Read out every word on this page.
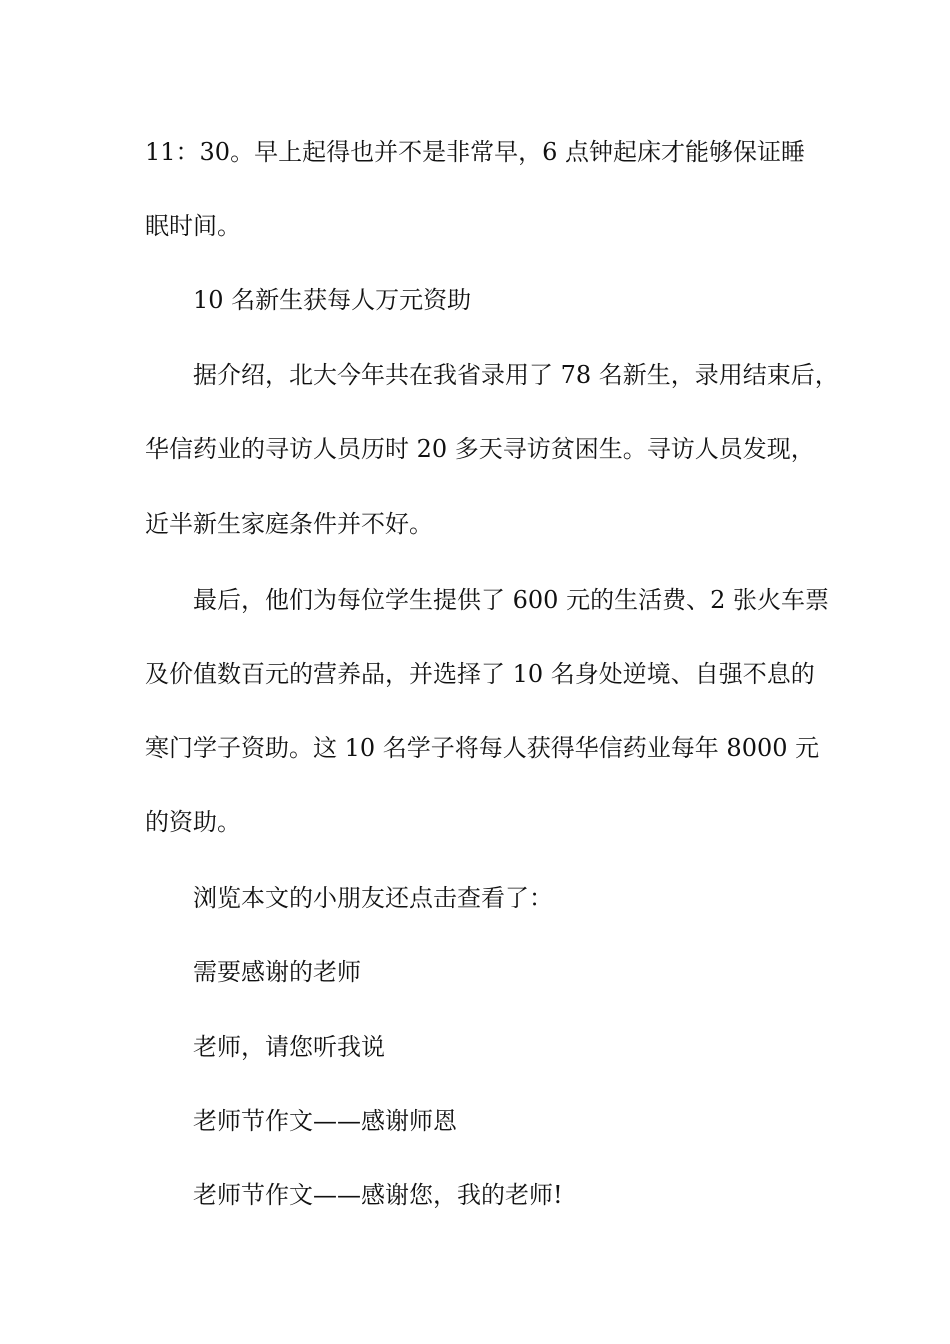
11：30。早上起得也并不是非常早，6 点钟起床才能够保证睡
眠时间。
10 名新生获每人万元资助
据介绍，北大今年共在我省录用了 78 名新生，录用结束后，
华信药业的寻访人员历时 20 多天寻访贫困生。寻访人员发现，
近半新生家庭条件并不好。
最后，他们为每位学生提供了 600 元的生活费、2 张火车票
及价值数百元的营养品，并选择了 10 名身处逆境、自强不息的
寒门学子资助。这 10 名学子将每人获得华信药业每年 8000 元
的资助。
浏览本文的小朋友还点击查看了：
需要感谢的老师
老师，请您听我说
老师节作文——感谢师恩
老师节作文——感谢您，我的老师!
